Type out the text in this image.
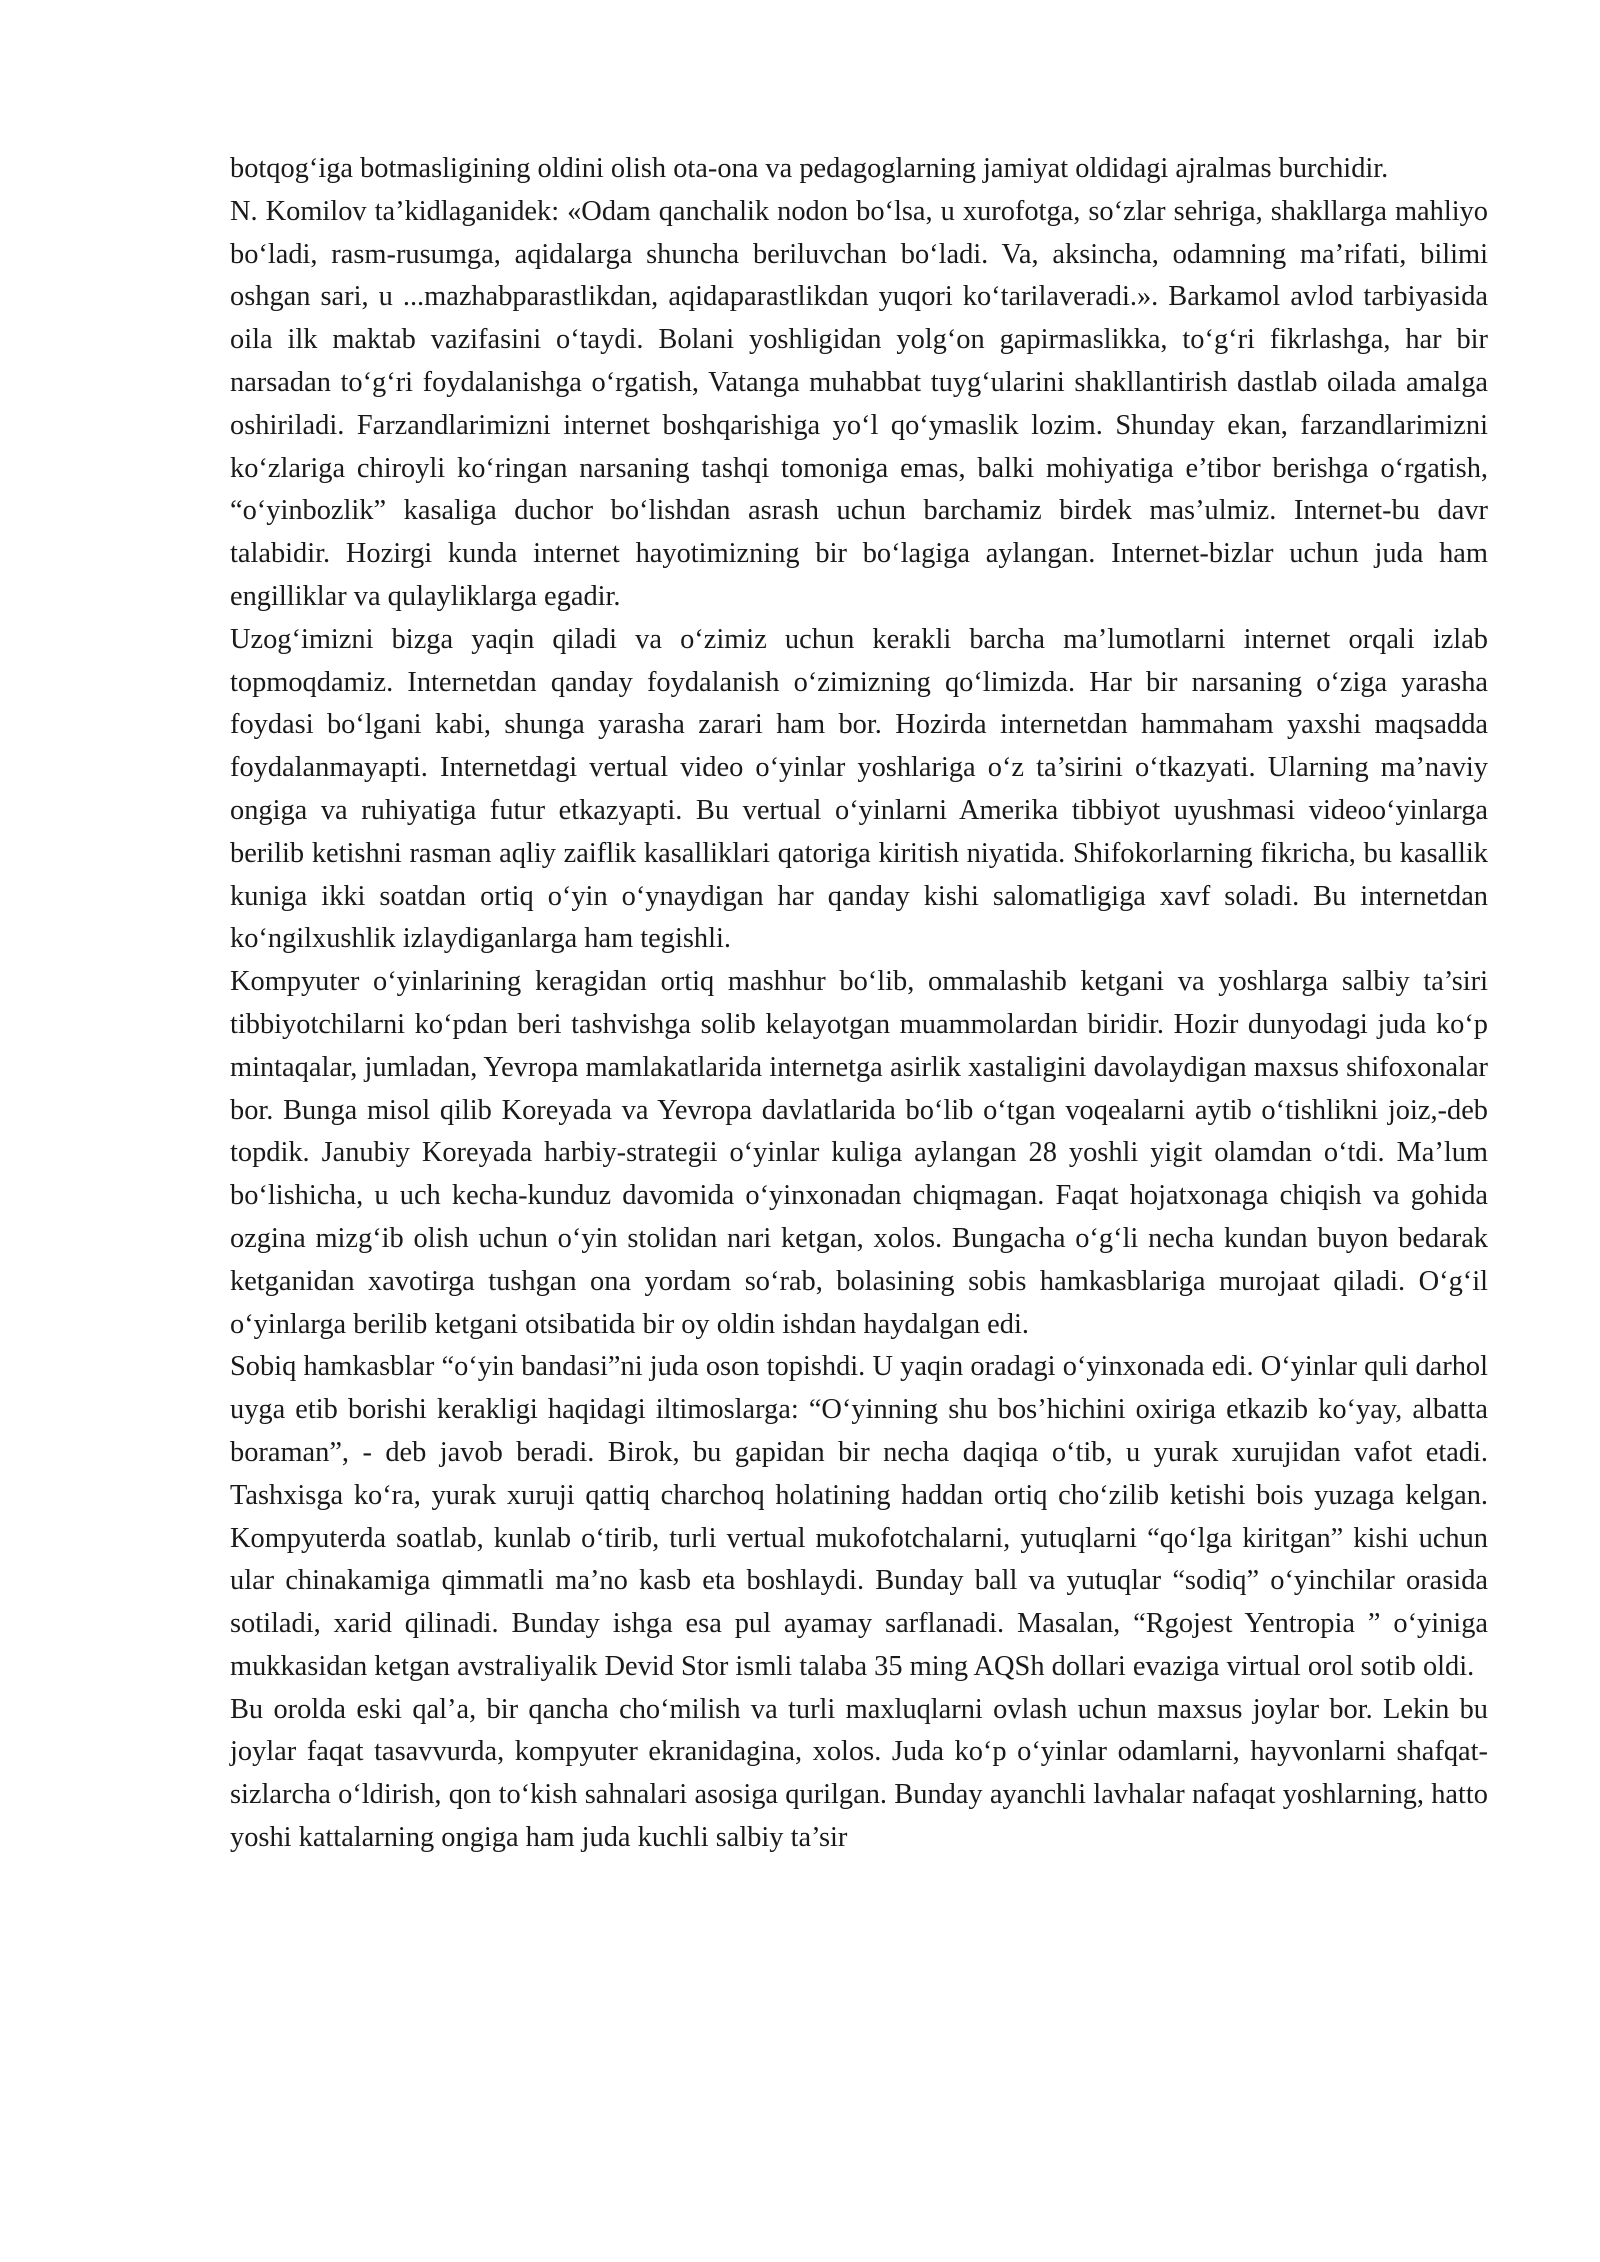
botqog‘iga botmasligining oldini olish ota-ona va pedagoglarning jamiyat oldidagi ajralmas burchidir.

N. Komilov ta’kidlaganidek: «Odam qanchalik nodon bo‘lsa, u xurofotga, so‘zlar sehriga, shakllarga mahliyo bo‘ladi, rasm-rusumga, aqidalarga shuncha beriluvchan bo‘ladi. Va, aksincha, odamning ma’rifati, bilimi oshgan sari, u ...mazhabparastlikdan, aqidaparastlikdan yuqori ko‘tarilaveradi.». Barkamol avlod tarbiyasida oila ilk maktab vazifasini o‘taydi. Bolani yoshligidan yolg‘on gapirmaslikka, to‘g‘ri fikrlashga, har bir narsadan to‘g‘ri foydalanishga o‘rgatish, Vatanga muhabbat tuyg‘ularini shakllantirish dastlab oilada amalga oshiriladi. Farzandlarimizni internet boshqarishiga yo‘l qo‘ymaslik lozim. Shunday ekan, farzandlarimizni ko‘zlariga chiroyli ko‘ringan narsaning tashqi tomoniga emas, balki mohiyatiga e’tibor berishga o‘rgatish, “o‘yinbozlik” kasaliga duchor bo‘lishdan asrash uchun barchamiz birdek mas’ulmiz. Internet-bu davr talabidir. Hozirgi kunda internet hayotimizning bir bo‘lagiga aylangan. Internet-bizlar uchun juda ham engilliklar va qulayliklarga egadir.

Uzog‘imizni bizga yaqin qiladi va o‘zimiz uchun kerakli barcha ma’lumotlarni internet orqali izlab topmoqdamiz. Internetdan qanday foydalanish o‘zimizning qo‘limizda. Har bir narsaning o‘ziga yarasha foydasi bo‘lgani kabi, shunga yarasha zarari ham bor. Hozirda internetdan hammaham yaxshi maqsadda foydalanmayapti. Internetdagi vertual video o‘yinlar yoshlariga o‘z ta’sirini o‘tkazyati. Ularning ma’naviy ongiga va ruhiyatiga futur etkazyapti. Bu vertual o‘yinlarni Amerika tibbiyot uyushmasi videoo‘yinlarga berilib ketishni rasman aqliy zaiflik kasalliklari qatoriga kiritish niyatida. Shifokorlarning fikricha, bu kasallik kuniga ikki soatdan ortiq o‘yin o‘ynaydigan har qanday kishi salomatligiga xavf soladi. Bu internetdan ko‘ngilxushlik izlaydiganlarga ham tegishli.

Kompyuter o‘yinlarining keragidan ortiq mashhur bo‘lib, ommalashib ketgani va yoshlarga salbiy ta’siri tibbiyotchilarni ko‘pdan beri tashvishga solib kelayotgan muammolardan biridir. Hozir dunyodagi juda ko‘p mintaqalar, jumladan, Yevropa mamlakatlarida internetga asirlik xastaligini davolaydigan maxsus shifoxonalar bor. Bunga misol qilib Koreyada va Yevropa davlatlarida bo‘lib o‘tgan voqealarni aytib o‘tishlikni joiz,-deb topdik. Janubiy Koreyada harbiy-strategii o‘yinlar kuliga aylangan 28 yoshli yigit olamdan o‘tdi. Ma’lum bo‘lishicha, u uch kecha-kunduz davomida o‘yinxonadan chiqmagan. Faqat hojatxonaga chiqish va gohida ozgina mizg‘ib olish uchun o‘yin stolidan nari ketgan, xolos. Bungacha o‘g‘li necha kundan buyon bedarak ketganidan xavotirga tushgan ona yordam so‘rab, bolasining sobis hamkasblariga murojaat qiladi. O‘g‘il o‘yinlarga berilib ketgani otsibatida bir oy oldin ishdan haydalgan edi.

Sobiq hamkasblar “o‘yin bandasi”ni juda oson topishdi. U yaqin oradagi o‘yinxonada edi. O‘yinlar quli darhol uyga etib borishi kerakligi haqidagi iltimoslarga: “O‘yinning shu bos’hichini oxiriga etkazib ko‘yay, albatta boraman”, - deb javob beradi. Birok, bu gapidan bir necha daqiqa o‘tib, u yurak xurujidan vafot etadi. Tashxisga ko‘ra, yurak xuruji qattiq charchoq holatining haddan ortiq cho‘zilib ketishi bois yuzaga kelgan. Kompyuterda soatlab, kunlab o‘tirib, turli vertual mukofotchalarni, yutuqlarni “qo‘lga kiritgan” kishi uchun ular chinakamiga qimmatli ma’no kasb eta boshlaydi. Bunday ball va yutuqlar “sodiq” o‘yinchilar orasida sotiladi, xarid qilinadi. Bunday ishga esa pul ayamay sarflanadi. Masalan, “Rgojest Yentropia ” o‘yiniga mukkasidan ketgan avstraliyalik Devid Stor ismli talaba 35 ming AQSh dollari evaziga virtual orol sotib oldi.

Bu orolda eski qal’a, bir qancha cho‘milish va turli maxluqlarni ovlash uchun maxsus joylar bor. Lekin bu joylar faqat tasavvurda, kompyuter ekranidagina, xolos. Juda ko‘p o‘yinlar odamlarni, hayvonlarni shafqat- sizlarcha o‘ldirish, qon to‘kish sahnalari asosiga qurilgan. Bunday ayanchli lavhalar nafaqat yoshlarning, hatto yoshi kattalarning ongiga ham juda kuchli salbiy ta’sir
